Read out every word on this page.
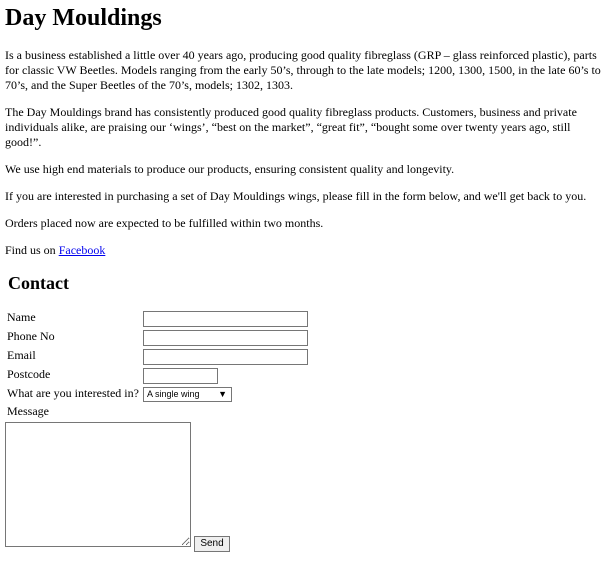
Day Mouldings

Is a business established a little over 40 years ago, producing good quality fibreglass (GRP – glass reinforced plastic), parts for classic VW Beetles. Models ranging from the early 50’s, through to the late models; 1200, 1300, 1500, in the late 60’s to 70’s, and the Super Beetles of the 70’s, models; 1302, 1303.

The Day Mouldings brand has consistently produced good quality fibreglass products. Customers, business and private individuals alike, are praising our ‘wings’, “best on the market”, “great fit”, “bought some over twenty years ago, still good!”.

We use high end materials to produce our products, ensuring consistent quality and longevity.

If you are interested in purchasing a set of Day Mouldings wings, please fill in the form below, and we'll get back to you.

Orders placed now are expected to be fulfilled within two months.

Find us on Facebook

Contact
Name
Phone No
Email
Postcode
What are you interested in? A single wing ▼
Message
Send
